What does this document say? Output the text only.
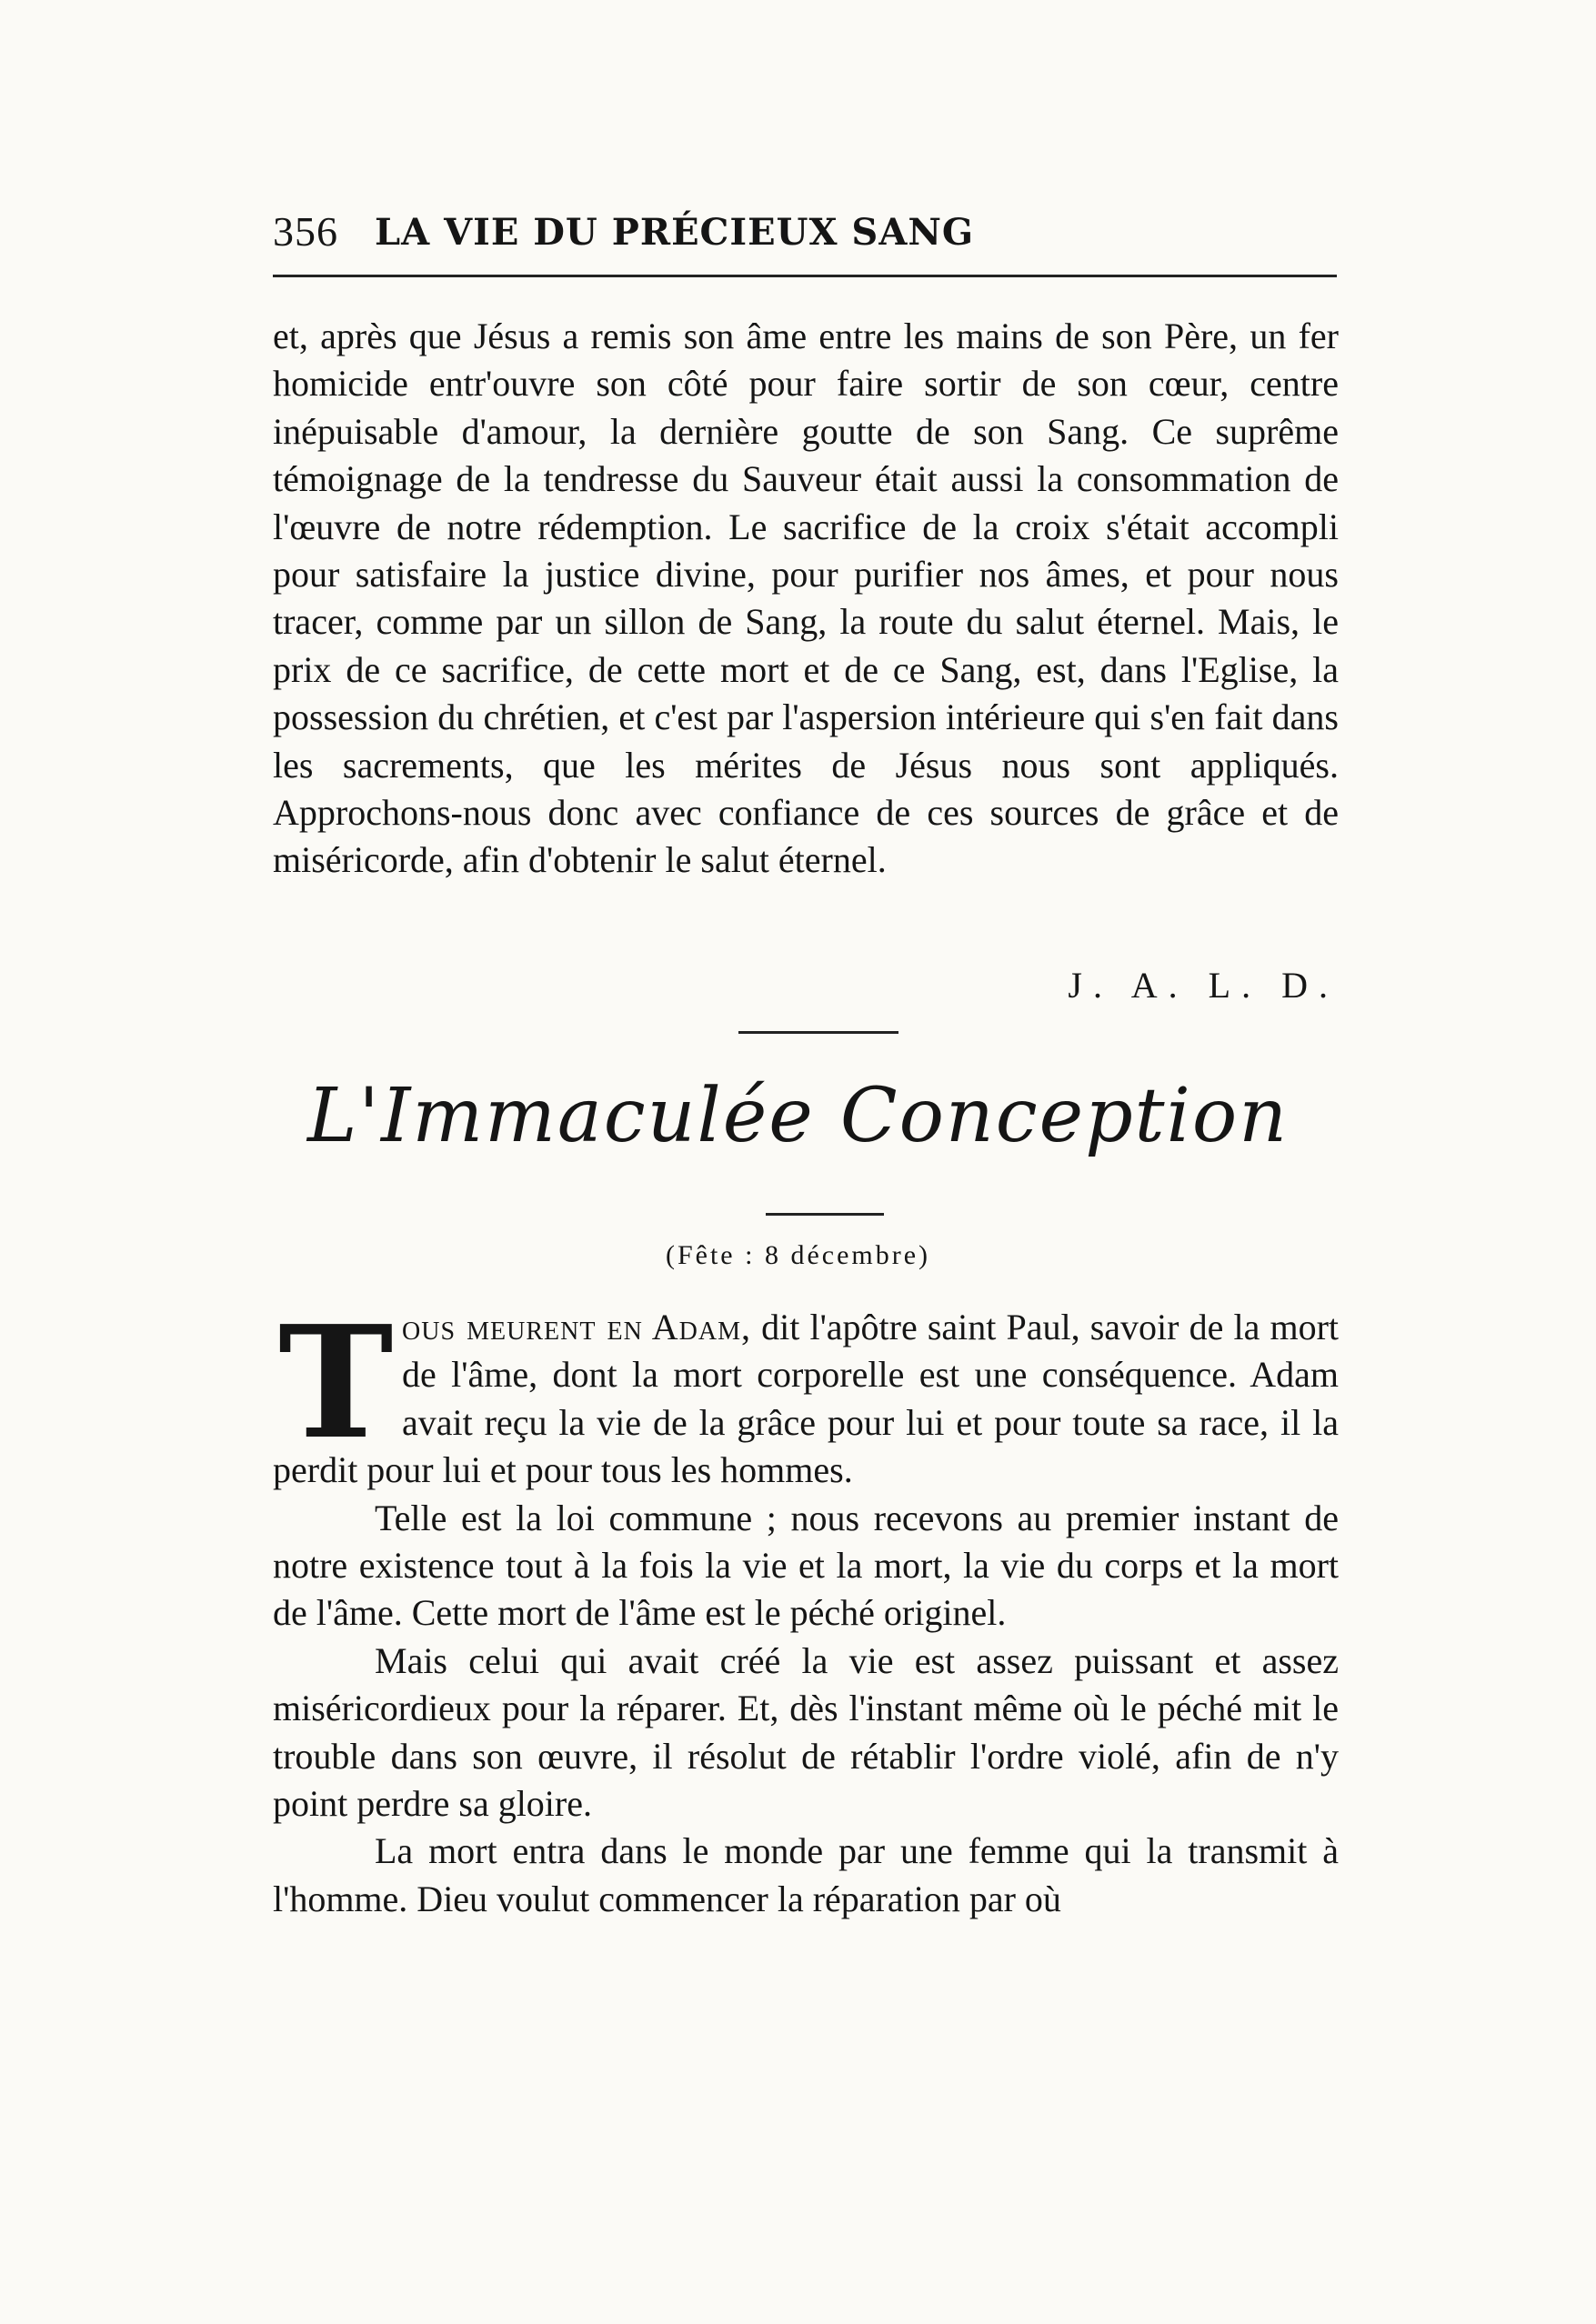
356 LA VIE DU PRÉCIEUX SANG
et, après que Jésus a remis son âme entre les mains de son Père, un fer homicide entr'ouvre son côté pour faire sortir de son cœur, centre inépuisable d'amour, la dernière goutte de son Sang. Ce suprême témoignage de la tendresse du Sauveur était aussi la consommation de l'œuvre de notre rédemption. Le sacrifice de la croix s'était accompli pour satisfaire la justice divine, pour purifier nos âmes, et pour nous tracer, comme par un sillon de Sang, la route du salut éternel. Mais, le prix de ce sacrifice, de cette mort et de ce Sang, est, dans l'Eglise, la possession du chrétien, et c'est par l'aspersion intérieure qui s'en fait dans les sacrements, que les mérites de Jésus nous sont appliqués. Approchons-nous donc avec confiance de ces sources de grâce et de miséricorde, afin d'obtenir le salut éternel.
J. A. L. D.
L'Immaculée Conception
(Fête : 8 décembre)
T ous meurent en Adam, dit l'apôtre saint Paul, savoir de la mort de l'âme, dont la mort corporelle est une conséquence. Adam avait reçu la vie de la grâce pour lui et pour toute sa race, il la perdit pour lui et pour tous les hommes.

Telle est la loi commune ; nous recevons au premier instant de notre existence tout à la fois la vie et la mort, la vie du corps et la mort de l'âme. Cette mort de l'âme est le péché originel.

Mais celui qui avait créé la vie est assez puissant et assez miséricordieux pour la réparer. Et, dès l'instant même où le péché mit le trouble dans son œuvre, il résolut de rétablir l'ordre violé, afin de n'y point perdre sa gloire.

La mort entra dans le monde par une femme qui la transmit à l'homme. Dieu voulut commencer la réparation par où
